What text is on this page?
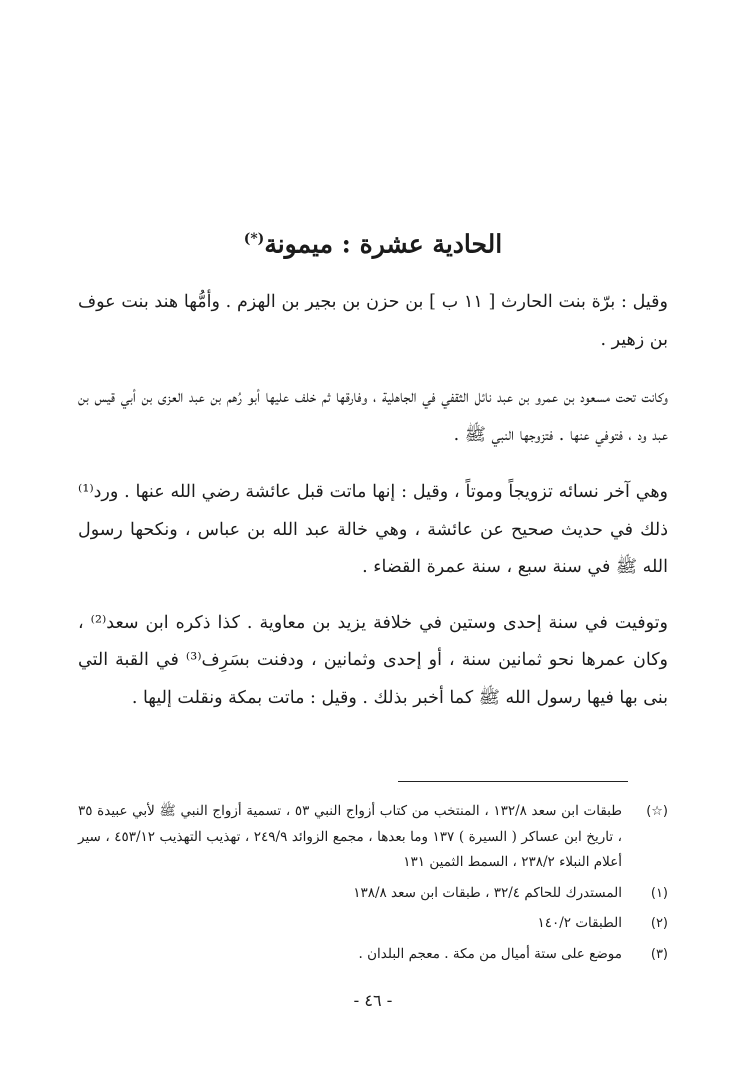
الحادية عشرة : ميمونة(*)

وقيل : برّة بنت الحارث [ ١١ ب ] بن حزن بن بجير بن الهزم . وأمُّها هند بنت عوف بن زهير .

وكانت تحت مسعود بن عمرو بن عبد نائل الثقفي في الجاهلية ، وفارقها ثم خلف عليها أبو رُهم بن عبد العزى بن أبي قيس بن عبد ود ، فتوفي عنها . فتزوجها النبي ﷺ .

وهي آخر نسائه تزويجاً وموتاً ، وقيل : إنها ماتت قبل عائشة رضي الله عنها . ورد⁽¹⁾ ذلك في حديث صحيح عن عائشة ، وهي خالة عبد الله بن عباس ، ونكحها رسول الله ﷺ في سنة سبع ، سنة عمرة القضاء .

وتوفيت في سنة إحدى وستين في خلافة يزيد بن معاوية . كذا ذكره ابن سعد⁽²⁾ ، وكان عمرها نحو ثمانين سنة ، أو إحدى وثمانين ، ودفنت بسَرِف⁽³⁾ في القبة التي بنى بها فيها رسول الله ﷺ كما أخبر بذلك . وقيل : ماتت بمكة ونقلت إليها .

(☆)
طبقات ابن سعد ١٣٢/٨ ، المنتخب من كتاب أزواج النبي ٥٣ ، تسمية أزواج النبي ﷺ لأبي عبيدة ٣٥ ، تاريخ ابن عساكر ( السيرة ) ١٣٧ وما بعدها ، مجمع الزوائد ٢٤٩/٩ ، تهذيب التهذيب ٤٥٣/١٢ ، سير أعلام النبلاء ٢٣٨/٢ ، السمط الثمين ١٣١
(١)
المستدرك للحاكم ٣٢/٤ ، طبقات ابن سعد ١٣٨/٨
(٢)
الطبقات ١٤٠/٢
(٣)
موضع على ستة أميال من مكة . معجم البلدان .
- ٤٦ -
